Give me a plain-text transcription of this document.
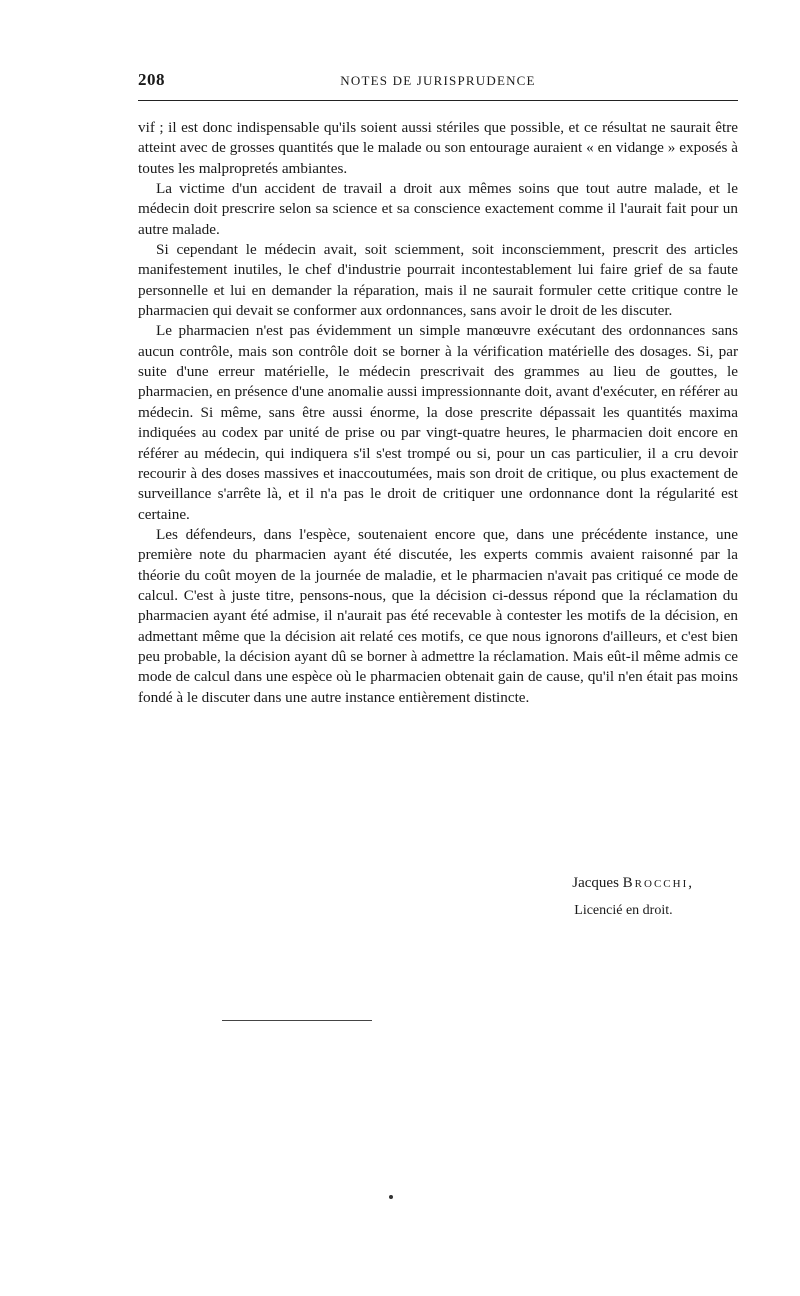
208	NOTES DE JURISPRUDENCE

vif ; il est donc indispensable qu'ils soient aussi stériles que possible, et ce résultat ne saurait être atteint avec de grosses quantités que le malade ou son entourage auraient « en vidange » exposés à toutes les malpropretés ambiantes.

La victime d'un accident de travail a droit aux mêmes soins que tout autre malade, et le médecin doit prescrire selon sa science et sa conscience exactement comme il l'aurait fait pour un autre malade.

Si cependant le médecin avait, soit sciemment, soit inconsciemment, prescrit des articles manifestement inutiles, le chef d'industrie pourrait incontestablement lui faire grief de sa faute personnelle et lui en demander la réparation, mais il ne saurait formuler cette critique contre le pharmacien qui devait se conformer aux ordonnances, sans avoir le droit de les discuter.

Le pharmacien n'est pas évidemment un simple manœuvre exécutant des ordonnances sans aucun contrôle, mais son contrôle doit se borner à la vérification matérielle des dosages. Si, par suite d'une erreur matérielle, le médecin prescrivait des grammes au lieu de gouttes, le pharmacien, en présence d'une anomalie aussi impressionnante doit, avant d'exécuter, en référer au médecin. Si même, sans être aussi énorme, la dose prescrite dépassait les quantités maxima indiquées au codex par unité de prise ou par vingt-quatre heures, le pharmacien doit encore en référer au médecin, qui indiquera s'il s'est trompé ou si, pour un cas particulier, il a cru devoir recourir à des doses massives et inaccoutumées, mais son droit de critique, ou plus exactement de surveillance s'arrête là, et il n'a pas le droit de critiquer une ordonnance dont la régularité est certaine.

Les défendeurs, dans l'espèce, soutenaient encore que, dans une précédente instance, une première note du pharmacien ayant été discutée, les experts commis avaient raisonné par la théorie du coût moyen de la journée de maladie, et le pharmacien n'avait pas critiqué ce mode de calcul. C'est à juste titre, pensons-nous, que la décision ci-dessus répond que la réclamation du pharmacien ayant été admise, il n'aurait pas été recevable à contester les motifs de la décision, en admettant même que la décision ait relaté ces motifs, ce que nous ignorons d'ailleurs, et c'est bien peu probable, la décision ayant dû se borner à admettre la réclamation. Mais eût-il même admis ce mode de calcul dans une espèce où le pharmacien obtenait gain de cause, qu'il n'en était pas moins fondé à le discuter dans une autre instance entièrement distincte.

Jacques Brocchi,
Licencié en droit.
